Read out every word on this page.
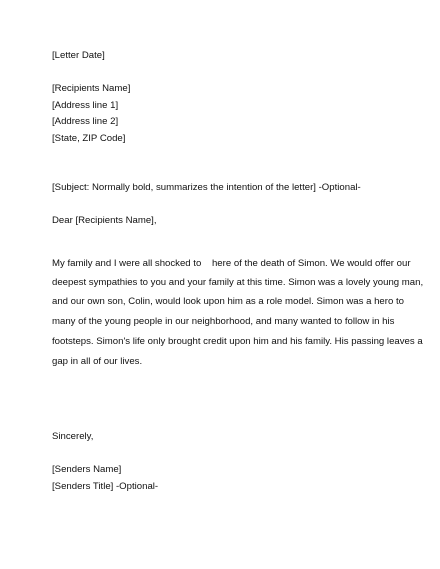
[Letter Date]
[Recipients Name]
[Address line 1]
[Address line 2]
[State, ZIP Code]
[Subject: Normally bold, summarizes the intention of the letter] -Optional-
Dear [Recipients Name],
My family and I were all shocked to    here of the death of Simon. We would offer our
deepest sympathies to you and your family at this time. Simon was a lovely young man,
and our own son, Colin, would look upon him as a role model. Simon was a hero to
many of the young people in our neighborhood, and many wanted to follow in his
footsteps. Simon's life only brought credit upon him and his family. His passing leaves a
gap in all of our lives.
Sincerely,
[Senders Name]
[Senders Title] -Optional-
